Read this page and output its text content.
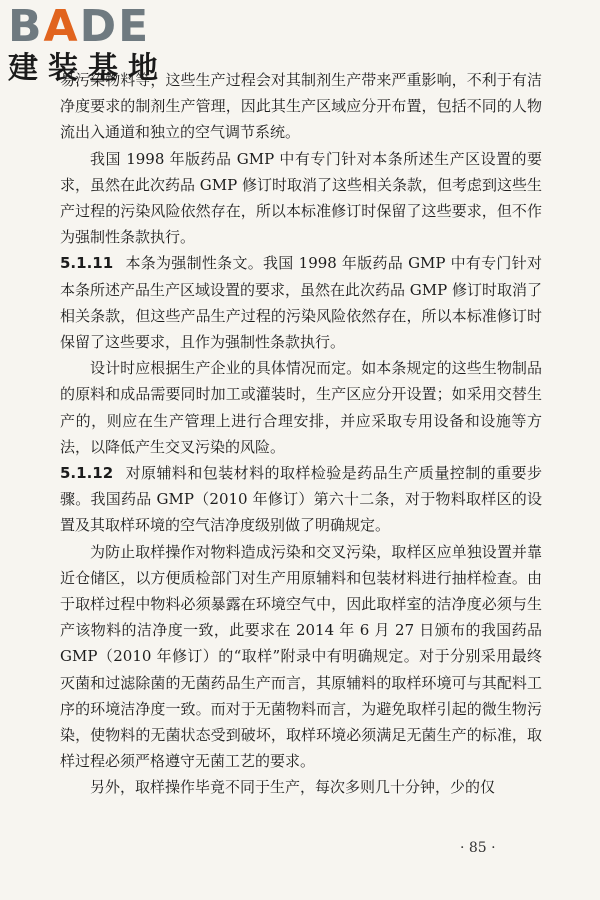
BADE
建装基地

易污染物料等，这些生产过程会对其制剂生产带来严重影响，不利于有洁净度要求的制剂生产管理，因此其生产区域应分开布置，包括不同的人物流出入通道和独立的空气调节系统。

我国 1998 年版药品 GMP 中有专门针对本条所述生产区设置的要求，虽然在此次药品 GMP 修订时取消了这些相关条款，但考虑到这些生产过程的污染风险依然存在，所以本标准修订时保留了这些要求，但不作为强制性条款执行。

5.1.11 本条为强制性条文。我国 1998 年版药品 GMP 中有专门针对本条所述产品生产区域设置的要求，虽然在此次药品 GMP 修订时取消了相关条款，但这些产品生产过程的污染风险依然存在，所以本标准修订时保留了这些要求，且作为强制性条款执行。

设计时应根据生产企业的具体情况而定。如本条规定的这些生物制品的原料和成品需要同时加工或灌装时，生产区应分开设置；如采用交替生产的，则应在生产管理上进行合理安排，并应采取专用设备和设施等方法，以降低产生交叉污染的风险。

5.1.12 对原辅料和包装材料的取样检验是药品生产质量控制的重要步骤。我国药品 GMP（2010 年修订）第六十二条，对于物料取样区的设置及其取样环境的空气洁净度级别做了明确规定。

为防止取样操作对物料造成污染和交叉污染，取样区应单独设置并靠近仓储区，以方便质检部门对生产用原辅料和包装材料进行抽样检查。由于取样过程中物料必须暴露在环境空气中，因此取样室的洁净度必须与生产该物料的洁净度一致，此要求在 2014 年 6 月 27 日颁布的我国药品 GMP（2010 年修订）的“取样”附录中有明确规定。对于分别采用最终灭菌和过滤除菌的无菌药品生产而言，其原辅料的取样环境可与其配料工序的环境洁净度一致。而对于无菌物料而言，为避免取样引起的微生物污染，使物料的无菌状态受到破坏，取样环境必须满足无菌生产的标准，取样过程必须严格遵守无菌工艺的要求。

另外，取样操作毕竟不同于生产，每次多则几十分钟，少的仅

· 85 ·
